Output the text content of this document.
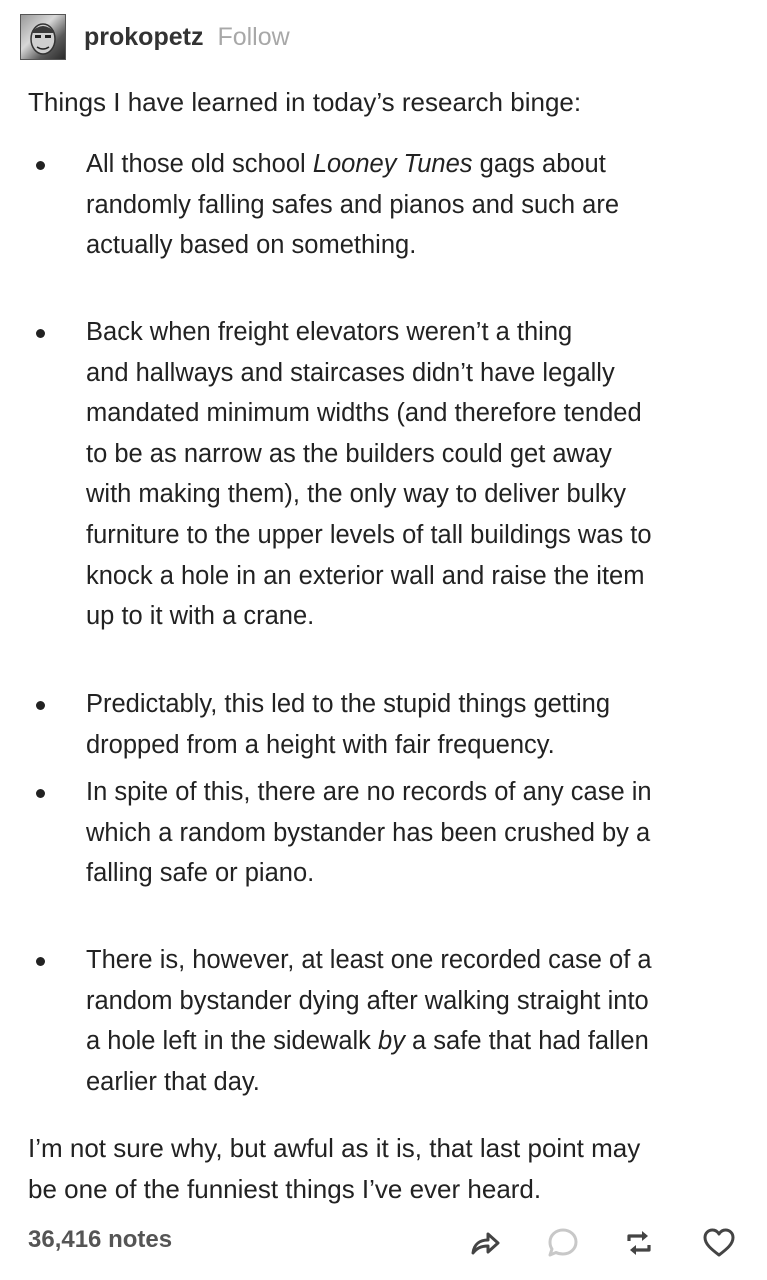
prokopetz Follow

Things I have learned in today’s research binge:

All those old school Looney Tunes gags about
randomly falling safes and pianos and such are
actually based on something.

Back when freight elevators weren’t a thing
and hallways and staircases didn’t have legally
mandated minimum widths (and therefore tended
to be as narrow as the builders could get away
with making them), the only way to deliver bulky
furniture to the upper levels of tall buildings was to
knock a hole in an exterior wall and raise the item
up to it with a crane.

Predictably, this led to the stupid things getting
dropped from a height with fair frequency.

In spite of this, there are no records of any case in
which a random bystander has been crushed by a
falling safe or piano.

There is, however, at least one recorded case of a
random bystander dying after walking straight into
a hole left in the sidewalk by a safe that had fallen
earlier that day.

I’m not sure why, but awful as it is, that last point may
be one of the funniest things I’ve ever heard.

36,416 notes
